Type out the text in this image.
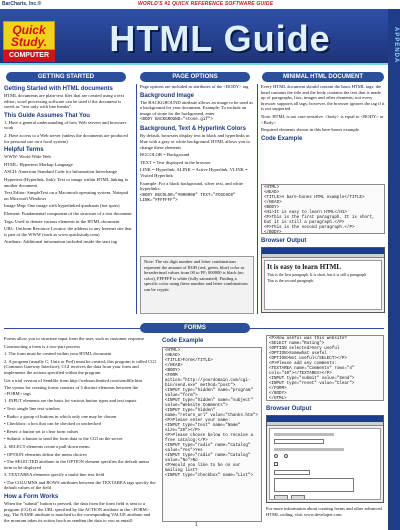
BarCharts, Inc.®	WORLD'S #1 QUICK REFERENCE SOFTWARE GUIDE
Quick Study.
COMPUTER	HTML Guide	APPENDA
GETTING STARTED	PAGE OPTIONS	MINIMAL HTML DOCUMENT
Getting Started with HTML documents

HTML documents are plain-text files that are created using a text editor; word processing software can be used if the document is saved as "text only with line breaks".

This Guide Assumes That You

1. Have a general understanding of how Web servers and browsers work

2. Have access to a Web server (unless the documents are produced for personal use on a local system)

Helpful Terms

WWW: World Wide Web

HTML: Hypertext Markup Language

ASCII: American Standard Code for Information Interchange

Hypertext (Hyperlink, link): Text or image within HTML linking to another document

Text Editor: SimpleText on a Macintosh operating system, Notepad on Microsoft Windows

Image Map: One image with hyperlinked quadrants (hot spots)

Element: Fundamental component of the structure of a text document

Tags: Used to denote various elements in the HTML document

URL: Uniform Resource Locator; the address to any Internet site that is part of the WWW (such as www.quickstudy.com)

Attribute: Additional information included inside the start tag

Page options are included as attributes of the <BODY> tag

Background Image

The BACKGROUND attribute allows an image to be used as a background for your document. Example: To include an image of stone for the background, enter

<BODY BACKGROUND="stone.gif">

Background, Text & Hyperlink Colors

By default, browsers display text in black and hyperlinks in blue with a gray or white background. HTML allows you to change these elements

BGCOLOR = Background

TEXT = Text displayed in the browser

LINK = Hyperlink, ALINK = Active Hyperlink, VLINK = Visited Hyperlink

Example: For a black background, silver text, and white hyperlinks:

<BODY BGCOLOR="#000000" TEXT="#C0C0C0" LINK="#FFFFFF">

Note: The six digit number and letter combinations represent the amount of RGB (red, green, blue) color as hexadecimal values from 00 to FF; 000000 is black (no color), FFFFFF is white (fully saturated). Finding a specific color using these number and letter combinations can be cryptic

Every HTML document should contain the basic HTML tags: the head contains the title and the body contains the text that is made up of paragraphs, lists, images and other elements; not every browser supports all tags; however, the browser ignores the tag if it is not supported

Note: HTML is not case sensitive. <body> is equal to <BODY> or <Body>

Required elements shown in this bare-bones example

Code Example
<HTML>
<HEAD>
<TITLE>A bare-bones HTML example</TITLE>
</HEAD>
<BODY>
<H1>It is easy to learn HTML</H1>
<P>This is the first paragraph. It is short, but it is still a paragraph.</P>
<P>This is the second paragraph.</P>
</BODY>
Browser Output
It is easy to learn HTML
This is the first paragraph. It is short, but it is still a paragraph.
This is the second paragraph.
FORMS

Forms allow you to structure input from the user, such as customer response

Constructing a form is a two-part process

1. The form must be created within your HTML document

2. A program (usually C, Unix or Perl) must be created; this program is called CGI (Common Gateway Interface); CGI receives the data from your form and implements the actions specified within the program

Get a trial version of Sendfile from http://websun.limited.com/sendfile.htm

The syntax for creating forms consists of 3 distinct elements between the <FORM> tags

1. INPUT elements are the basis for various button types and text inputs

• Text: single line text window

• Radio: a group of buttons in which only one may be chosen

• Checkbox: a box that can be checked or unchecked

• Reset: a button set to clear form values

• Submit: a button to send the form data to the CGI on the server

2. SELECT elements create a pull-down menu

• OPTION elements define the menu choices

• The SELECTED attribute in the OPTION element specifies the default menu item to be displayed

3. TEXTAREA elements specify a multi-line text field

• The COLUMNS and ROWS attributes between the TEXTAREA tags specify the default values of the field

How a Form Works

When the "submit" button is pressed, the data from the form field is sent to a program (CGI) of the URL specified by the ACTION attribute in the <FORM> tag. The NAME attribute is matched to the corresponding VALUE attribute and the program takes its action (such as sending the data to you as email)

Code Example
<HTML>
<HEAD>
<TITLE>Form</TITLE>
</HEAD>
<BODY>
<FORM action="http://yourdomain.com/cgi-bin/send.exe" method="post">
<INPUT type="hidden" name="program" value="form">
<INPUT type="hidden" name="subject" value="Website Comments">
<INPUT type="hidden" name="return_url" value="thanks.htm">
<P>Please enter your name:
<INPUT type="text" name="Name" size="20"></P>
<P>Please choose below to receive a free catalog:</P>
<INPUT type="radio" name="Catalog" value="Yes">Yes
<INPUT type="radio" name="Catalog" value="No">No
<P>Would you like to be on our mailing list?
<INPUT type="checkbox" name="List">
<P>How useful was this website?
<SELECT name="Rating">
<OPTION selected>Very useful
<OPTION>Somewhat useful
<OPTION>Not useful</SELECT></P>
<P>Please add any comments:
<TEXTAREA name="Comments" rows="4" cols="40"></TEXTAREA></P>
<INPUT type="submit" value="Send">
<INPUT type="reset" value="Clear">
</FORM>
</BODY>
</HTML>
Browser Output

For more information about creating forms and other advanced HTML coding, visit www.developer.com

1
